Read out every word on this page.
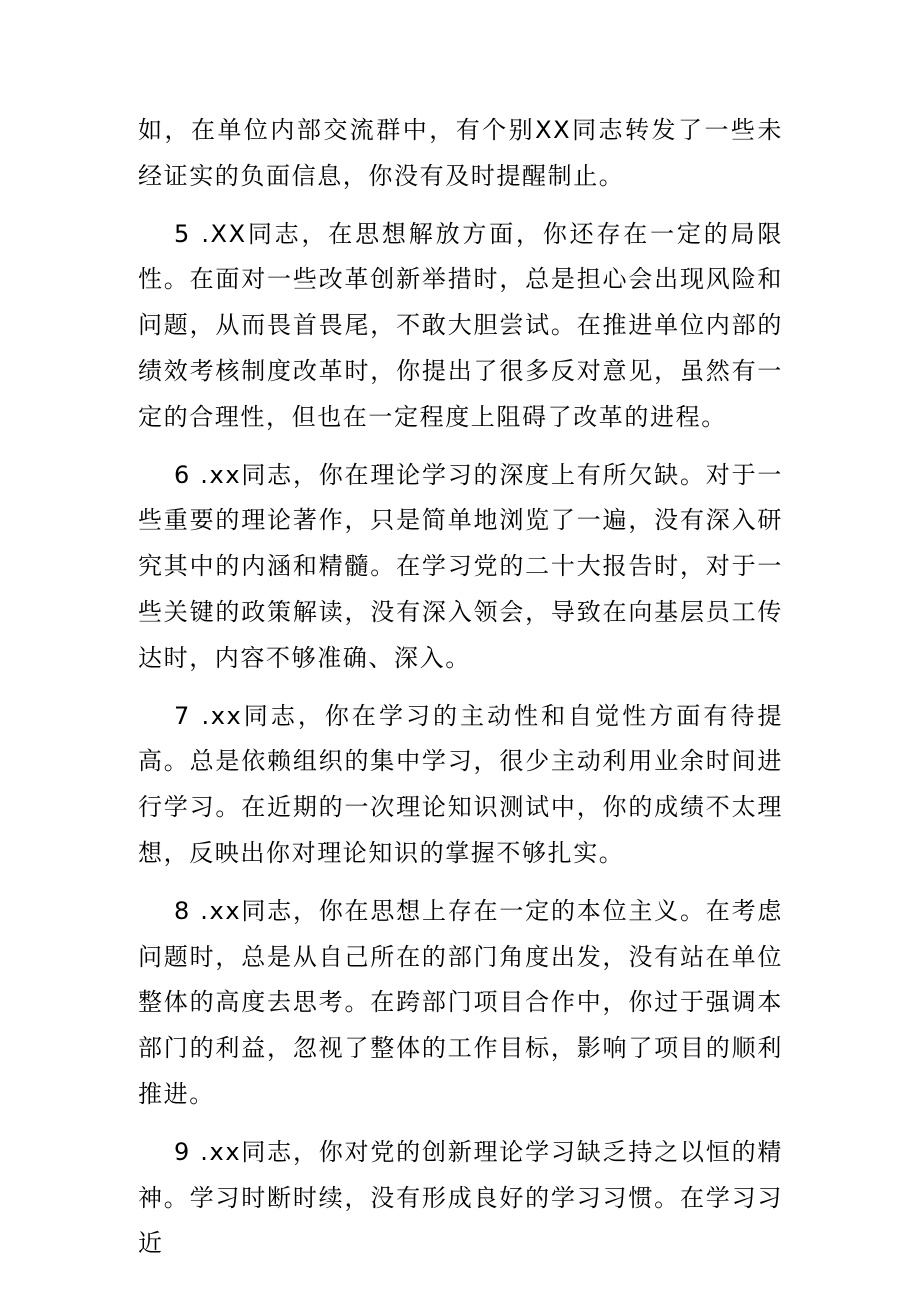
如，在单位内部交流群中，有个别XX同志转发了一些未经证实的负面信息，你没有及时提醒制止。

5 .XX同志，在思想解放方面，你还存在一定的局限性。在面对一些改革创新举措时，总是担心会出现风险和问题，从而畏首畏尾，不敢大胆尝试。在推进单位内部的绩效考核制度改革时，你提出了很多反对意见，虽然有一定的合理性，但也在一定程度上阻碍了改革的进程。

6 .xx同志，你在理论学习的深度上有所欠缺。对于一些重要的理论著作，只是简单地浏览了一遍，没有深入研究其中的内涵和精髓。在学习党的二十大报告时，对于一些关键的政策解读，没有深入领会，导致在向基层员工传达时，内容不够准确、深入。

7 .xx同志，你在学习的主动性和自觉性方面有待提高。总是依赖组织的集中学习，很少主动利用业余时间进行学习。在近期的一次理论知识测试中，你的成绩不太理想，反映出你对理论知识的掌握不够扎实。

8 .xx同志，你在思想上存在一定的本位主义。在考虑问题时，总是从自己所在的部门角度出发，没有站在单位整体的高度去思考。在跨部门项目合作中，你过于强调本部门的利益，忽视了整体的工作目标，影响了项目的顺利推进。

9 .xx同志，你对党的创新理论学习缺乏持之以恒的精神。学习时断时续，没有形成良好的学习习惯。在学习习近
